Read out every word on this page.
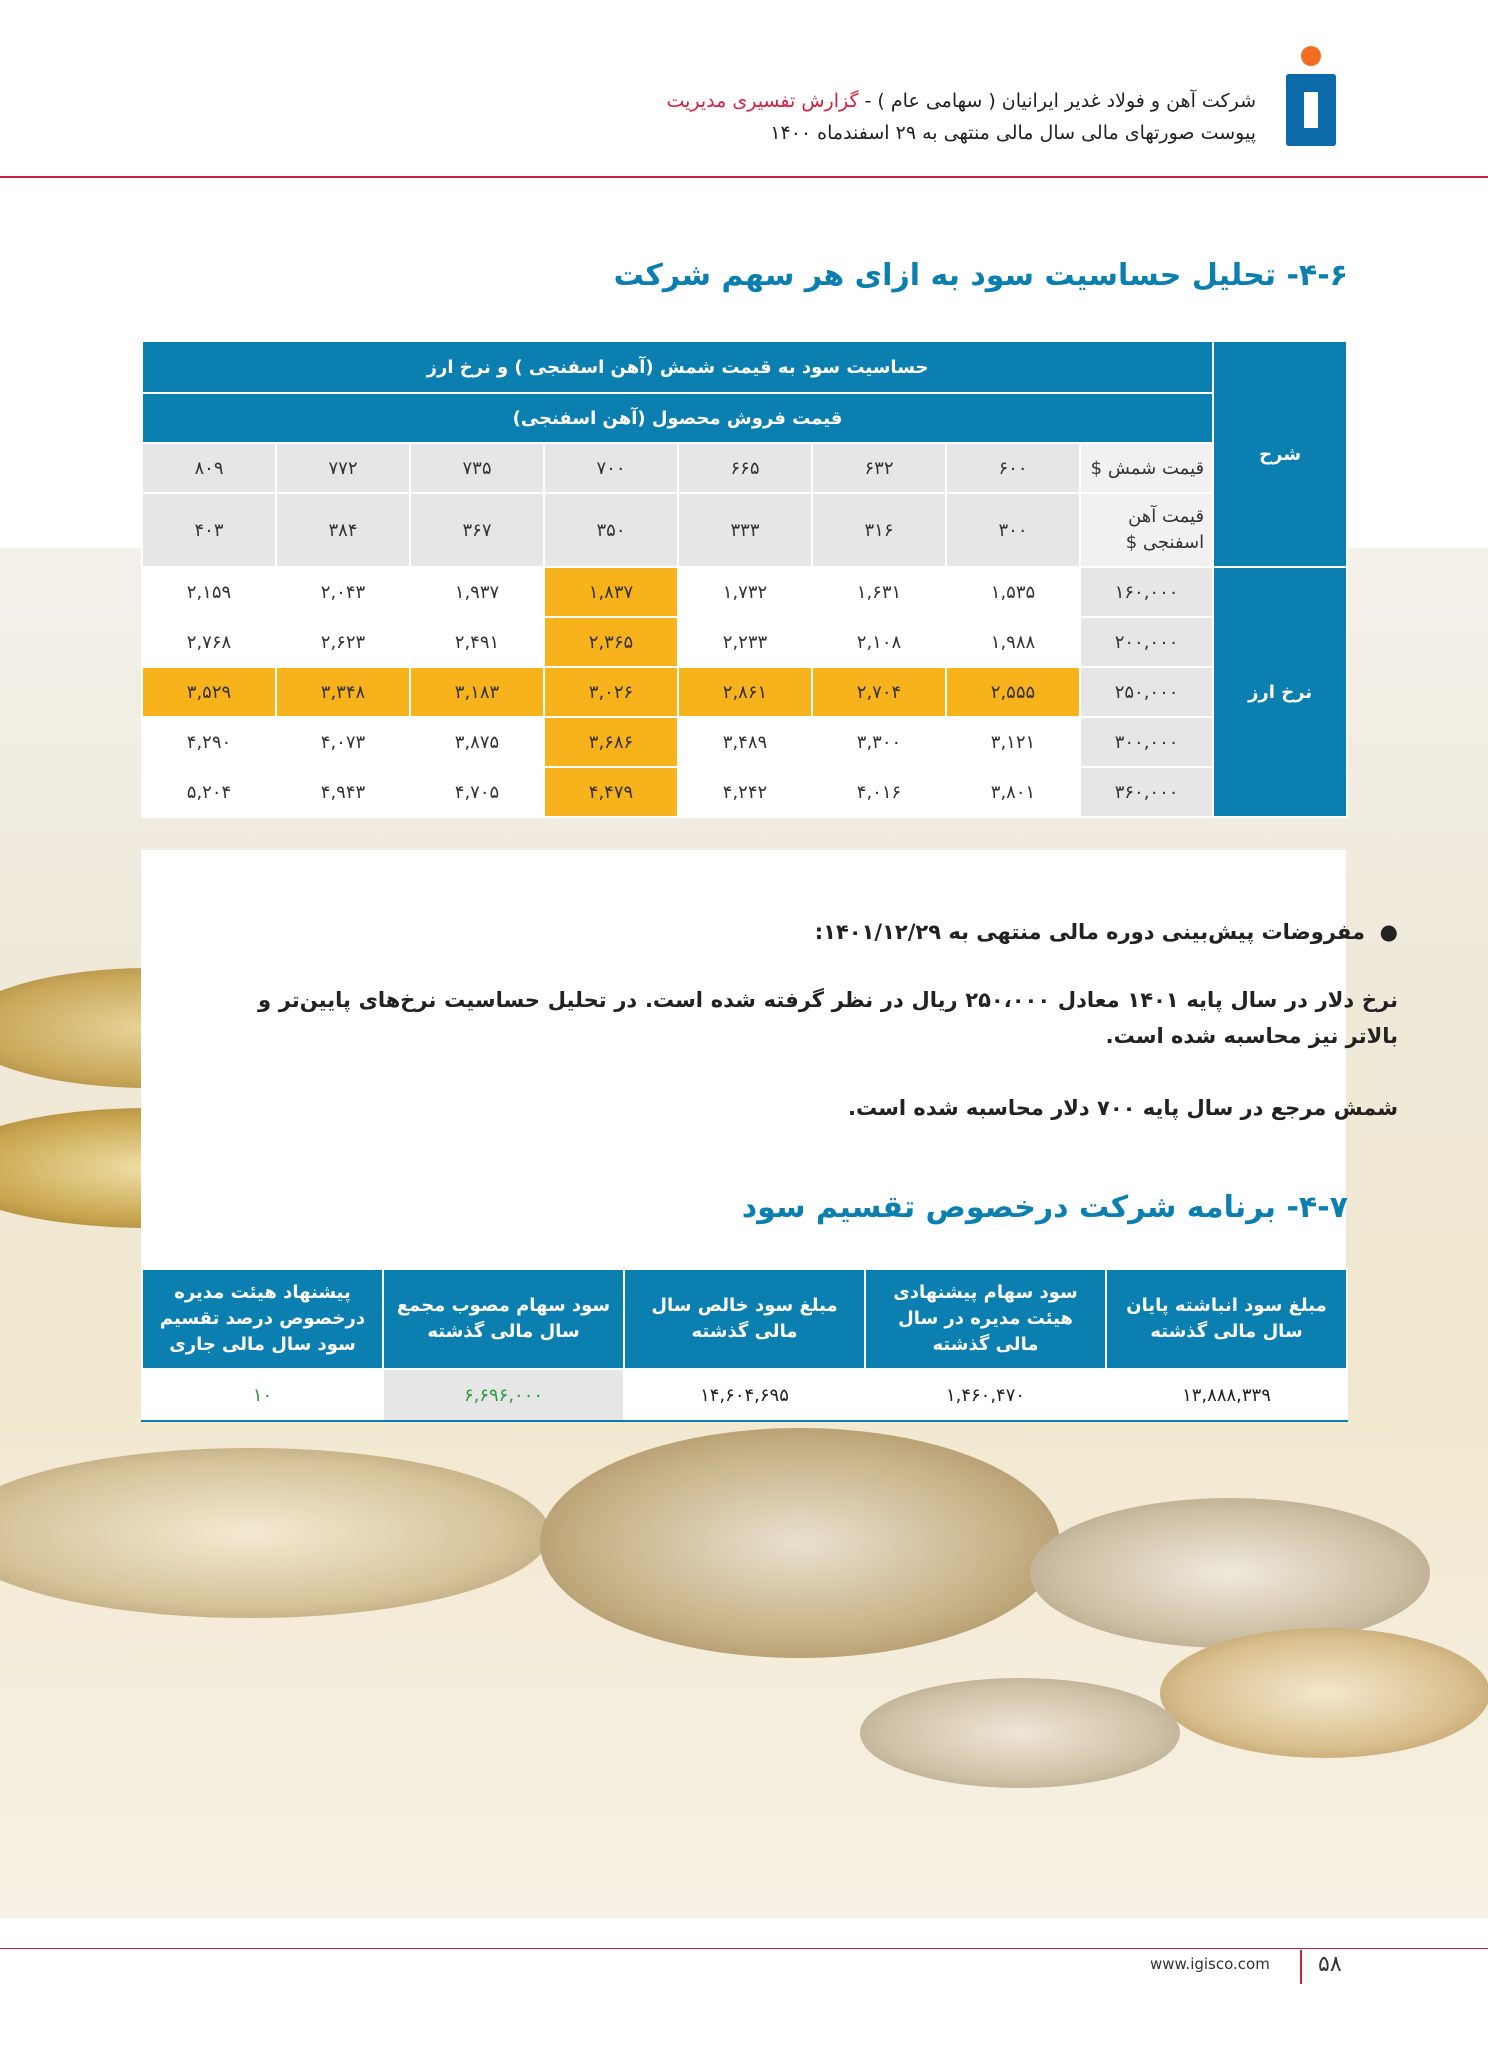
شرکت آهن و فولاد غدیر ایرانیان ( سهامی عام ) - گزارش تفسیری مدیریت
پیوست صورتهای مالی سال مالی منتهی به ۲۹ اسفندماه ۱۴۰۰
۴-۶- تحلیل حساسیت سود به ازای هر سهم شرکت
حساسیت سود به قیمت شمش (آهن اسفنجی ) و نرخ ارز								شرح
قیمت فروش محصول (آهن اسفنجی)								
۸۰۹	۷۷۲	۷۳۵	۷۰۰	۶۶۵	۶۳۲	۶۰۰	قیمت شمش $	
۴۰۳	۳۸۴	۳۶۷	۳۵۰	۳۳۳	۳۱۶	۳۰۰	قیمت آهن اسفنجی $	
۲,۱۵۹	۲,۰۴۳	۱,۹۳۷	۱,۸۳۷	۱,۷۳۲	۱,۶۳۱	۱,۵۳۵	۱۶۰,۰۰۰	نرخ ارز
۲,۷۶۸	۲,۶۲۳	۲,۴۹۱	۲,۳۶۵	۲,۲۳۳	۲,۱۰۸	۱,۹۸۸	۲۰۰,۰۰۰	
۳,۵۲۹	۳,۳۴۸	۳,۱۸۳	۳,۰۲۶	۲,۸۶۱	۲,۷۰۴	۲,۵۵۵	۲۵۰,۰۰۰	
۴,۲۹۰	۴,۰۷۳	۳,۸۷۵	۳,۶۸۶	۳,۴۸۹	۳,۳۰۰	۳,۱۲۱	۳۰۰,۰۰۰	
۵,۲۰۴	۴,۹۴۳	۴,۷۰۵	۴,۴۷۹	۴,۲۴۲	۴,۰۱۶	۳,۸۰۱	۳۶۰,۰۰۰	
●  مفروضات پیش‌بینی دوره مالی منتهی به ۱۴۰۱/۱۲/۲۹:
نرخ دلار در سال پایه ۱۴۰۱ معادل ۲۵۰،۰۰۰ ریال در نظر گرفته شده است. در تحلیل حساسیت نرخ‌های پایین‌تر و بالاتر نیز محاسبه شده است.
شمش مرجع در سال پایه ۷۰۰ دلار محاسبه شده است.
۴-۷- برنامه شرکت درخصوص تقسیم سود
پیشنهاد هیئت مدیره درخصوص درصد تقسیم سود سال مالی جاری	سود سهام مصوب مجمع سال مالی گذشته	مبلغ سود خالص سال مالی گذشته	سود سهام پیشنهادی هیئت مدیره در سال مالی گذشته	مبلغ سود انباشته پایان سال مالی گذشته
۱۰	۶,۶۹۶,۰۰۰	۱۴,۶۰۴,۶۹۵	۱,۴۶۰,۴۷۰	۱۳,۸۸۸,۳۳۹
www.igisco.com ۵۸
